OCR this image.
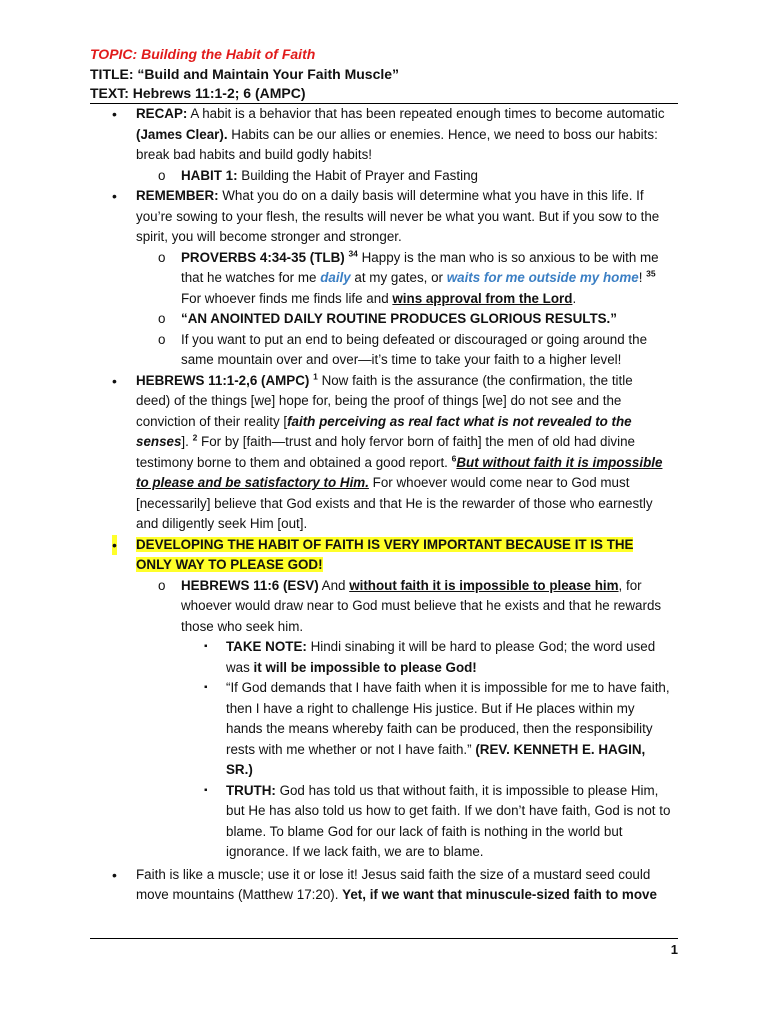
TOPIC: Building the Habit of Faith
TITLE: “Build and Maintain Your Faith Muscle”
TEXT: Hebrews 11:1-2; 6 (AMPC)
• RECAP: A habit is a behavior that has been repeated enough times to become automatic (James Clear). Habits can be our allies or enemies. Hence, we need to boss our habits: break bad habits and build godly habits!
o HABIT 1: Building the Habit of Prayer and Fasting
• REMEMBER: What you do on a daily basis will determine what you have in this life. If you’re sowing to your flesh, the results will never be what you want. But if you sow to the spirit, you will become stronger and stronger.
o PROVERBS 4:34-35 (TLB) $^{34}$ Happy is the man who is so anxious to be with me that he watches for me daily at my gates, or waits for me outside my home! $^{35}$ For whoever finds me finds life and wins approval from the Lord.
o “AN ANOINTED DAILY ROUTINE PRODUCES GLORIOUS RESULTS.”
o If you want to put an end to being defeated or discouraged or going around the same mountain over and over—it’s time to take your faith to a higher level!
• HEBREWS 11:1-2,6 (AMPC) $^1$ Now faith is the assurance (the confirmation, the title deed) of the things [we] hope for, being the proof of things [we] do not see and the conviction of their reality [faith perceiving as real fact what is not revealed to the senses]. $^2$ For by [faith—trust and holy fervor born of faith] the men of old had divine testimony borne to them and obtained a good report. $^6$But without faith it is impossible to please and be satisfactory to Him. For whoever would come near to God must [necessarily] believe that God exists and that He is the rewarder of those who earnestly and diligently seek Him [out].
• DEVELOPING THE HABIT OF FAITH IS VERY IMPORTANT BECAUSE IT IS THE ONLY WAY TO PLEASE GOD!
o HEBREWS 11:6 (ESV) And without faith it is impossible to please him, for whoever would draw near to God must believe that he exists and that he rewards those who seek him.
▪ TAKE NOTE: Hindi sinabing it will be hard to please God; the word used was it will be impossible to please God!
▪ “If God demands that I have faith when it is impossible for me to have faith, then I have a right to challenge His justice. But if He places within my hands the means whereby faith can be produced, then the responsibility rests with me whether or not I have faith.” (REV. KENNETH E. HAGIN, SR.)
▪ TRUTH: God has told us that without faith, it is impossible to please Him, but He has also told us how to get faith. If we don’t have faith, God is not to blame. To blame God for our lack of faith is nothing in the world but ignorance. If we lack faith, we are to blame.
• Faith is like a muscle; use it or lose it! Jesus said faith the size of a mustard seed could move mountains (Matthew 17:20). Yet, if we want that minuscule-sized faith to move
1
